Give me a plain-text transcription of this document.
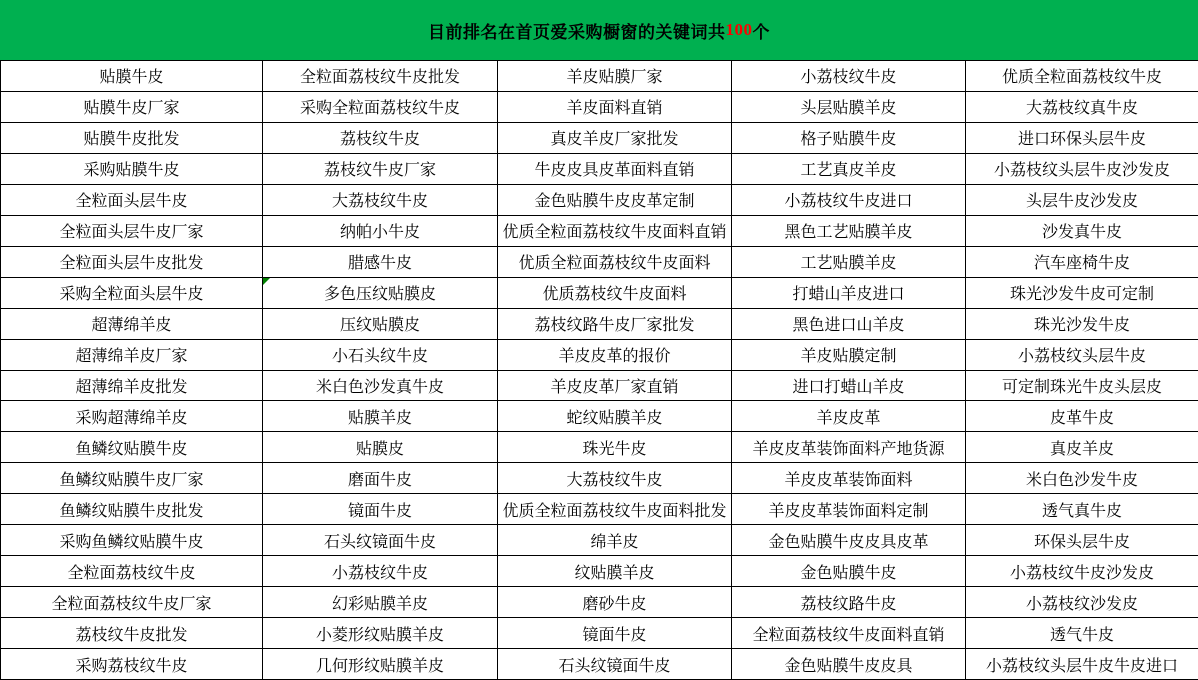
目前排名在首页爱采购橱窗的关键词共 100 个
贴膜牛皮	全粒面荔枝纹牛皮批发	羊皮贴膜厂家	小荔枝纹牛皮	优质全粒面荔枝纹牛皮
贴膜牛皮厂家	采购全粒面荔枝纹牛皮	羊皮面料直销	头层贴膜羊皮	大荔枝纹真牛皮
贴膜牛皮批发	荔枝纹牛皮	真皮羊皮厂家批发	格子贴膜牛皮	进口环保头层牛皮
采购贴膜牛皮	荔枝纹牛皮厂家	牛皮皮具皮革面料直销	工艺真皮羊皮	小荔枝纹头层牛皮沙发皮
全粒面头层牛皮	大荔枝纹牛皮	金色贴膜牛皮皮革定制	小荔枝纹牛皮进口	头层牛皮沙发皮
全粒面头层牛皮厂家	纳帕小牛皮	优质全粒面荔枝纹牛皮面料直销	黑色工艺贴膜羊皮	沙发真牛皮
全粒面头层牛皮批发	腊感牛皮	优质全粒面荔枝纹牛皮面料	工艺贴膜羊皮	汽车座椅牛皮
采购全粒面头层牛皮	多色压纹贴膜皮	优质荔枝纹牛皮面料	打蜡山羊皮进口	珠光沙发牛皮可定制
超薄绵羊皮	压纹贴膜皮	荔枝纹路牛皮厂家批发	黑色进口山羊皮	珠光沙发牛皮
超薄绵羊皮厂家	小石头纹牛皮	羊皮皮革的报价	羊皮贴膜定制	小荔枝纹头层牛皮
超薄绵羊皮批发	米白色沙发真牛皮	羊皮皮革厂家直销	进口打蜡山羊皮	可定制珠光牛皮头层皮
采购超薄绵羊皮	贴膜羊皮	蛇纹贴膜羊皮	羊皮皮革	皮革牛皮
鱼鳞纹贴膜牛皮	贴膜皮	珠光牛皮	羊皮皮革装饰面料产地货源	真皮羊皮
鱼鳞纹贴膜牛皮厂家	磨面牛皮	大荔枝纹牛皮	羊皮皮革装饰面料	米白色沙发牛皮
鱼鳞纹贴膜牛皮批发	镜面牛皮	优质全粒面荔枝纹牛皮面料批发	羊皮皮革装饰面料定制	透气真牛皮
采购鱼鳞纹贴膜牛皮	石头纹镜面牛皮	绵羊皮	金色贴膜牛皮皮具皮革	环保头层牛皮
全粒面荔枝纹牛皮	小荔枝纹牛皮	纹贴膜羊皮	金色贴膜牛皮	小荔枝纹牛皮沙发皮
全粒面荔枝纹牛皮厂家	幻彩贴膜羊皮	磨砂牛皮	荔枝纹路牛皮	小荔枝纹沙发皮
荔枝纹牛皮批发	小菱形纹贴膜羊皮	镜面牛皮	全粒面荔枝纹牛皮面料直销	透气牛皮
采购荔枝纹牛皮	几何形纹贴膜羊皮	石头纹镜面牛皮	金色贴膜牛皮皮具	小荔枝纹头层牛皮牛皮进口
